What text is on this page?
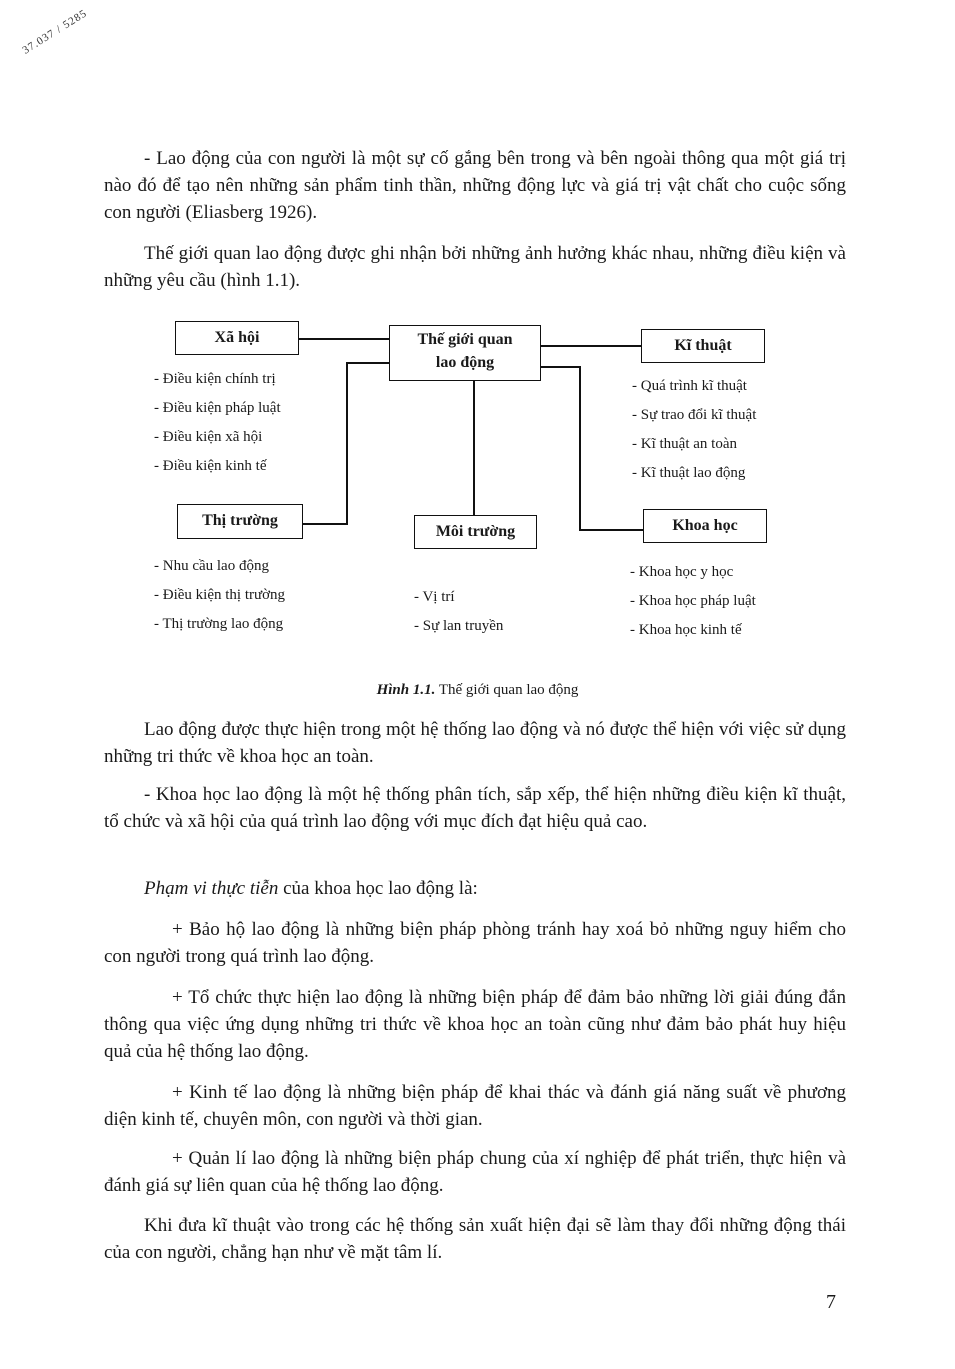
37.037 / 5285

- Lao động của con người là một sự cố gắng bên trong và bên ngoài thông qua một giá trị nào đó để tạo nên những sản phẩm tinh thần, những động lực và giá trị vật chất cho cuộc sống con người (Eliasberg 1926).

Thế giới quan lao động được ghi nhận bởi những ảnh hưởng khác nhau, những điều kiện và những yêu cầu (hình 1.1).

Thế giới quan
lao động
Xã hội
- Điều kiện chính trị
- Điều kiện pháp luật
- Điều kiện xã hội
- Điều kiện kinh tế
Thị trường
- Nhu cầu lao động
- Điều kiện thị trường
- Thị trường lao động
Môi trường
- Vị trí
- Sự lan truyền
Kĩ thuật
- Quá trình kĩ thuật
- Sự trao đổi kĩ thuật
- Kĩ thuật an toàn
- Kĩ thuật lao động
Khoa học
- Khoa học y học
- Khoa học pháp luật
- Khoa học kinh tế
Hình 1.1. Thế giới quan lao động

Lao động được thực hiện trong một hệ thống lao động và nó được thể hiện với việc sử dụng những tri thức về khoa học an toàn.

- Khoa học lao động là một hệ thống phân tích, sắp xếp, thể hiện những điều kiện kĩ thuật, tổ chức và xã hội của quá trình lao động với mục đích đạt hiệu quả cao.

Phạm vi thực tiễn của khoa học lao động là:

+ Bảo hộ lao động là những biện pháp phòng tránh hay xoá bỏ những nguy hiểm cho con người trong quá trình lao động.

+ Tổ chức thực hiện lao động là những biện pháp để đảm bảo những lời giải đúng đắn thông qua việc ứng dụng những tri thức về khoa học an toàn cũng như đảm bảo phát huy hiệu quả của hệ thống lao động.

+ Kinh tế lao động là những biện pháp để khai thác và đánh giá năng suất về phương diện kinh tế, chuyên môn, con người và thời gian.

+ Quản lí lao động là những biện pháp chung của xí nghiệp để phát triển, thực hiện và đánh giá sự liên quan của hệ thống lao động.

Khi đưa kĩ thuật vào trong các hệ thống sản xuất hiện đại sẽ làm thay đổi những động thái của con người, chẳng hạn như về mặt tâm lí.

7
